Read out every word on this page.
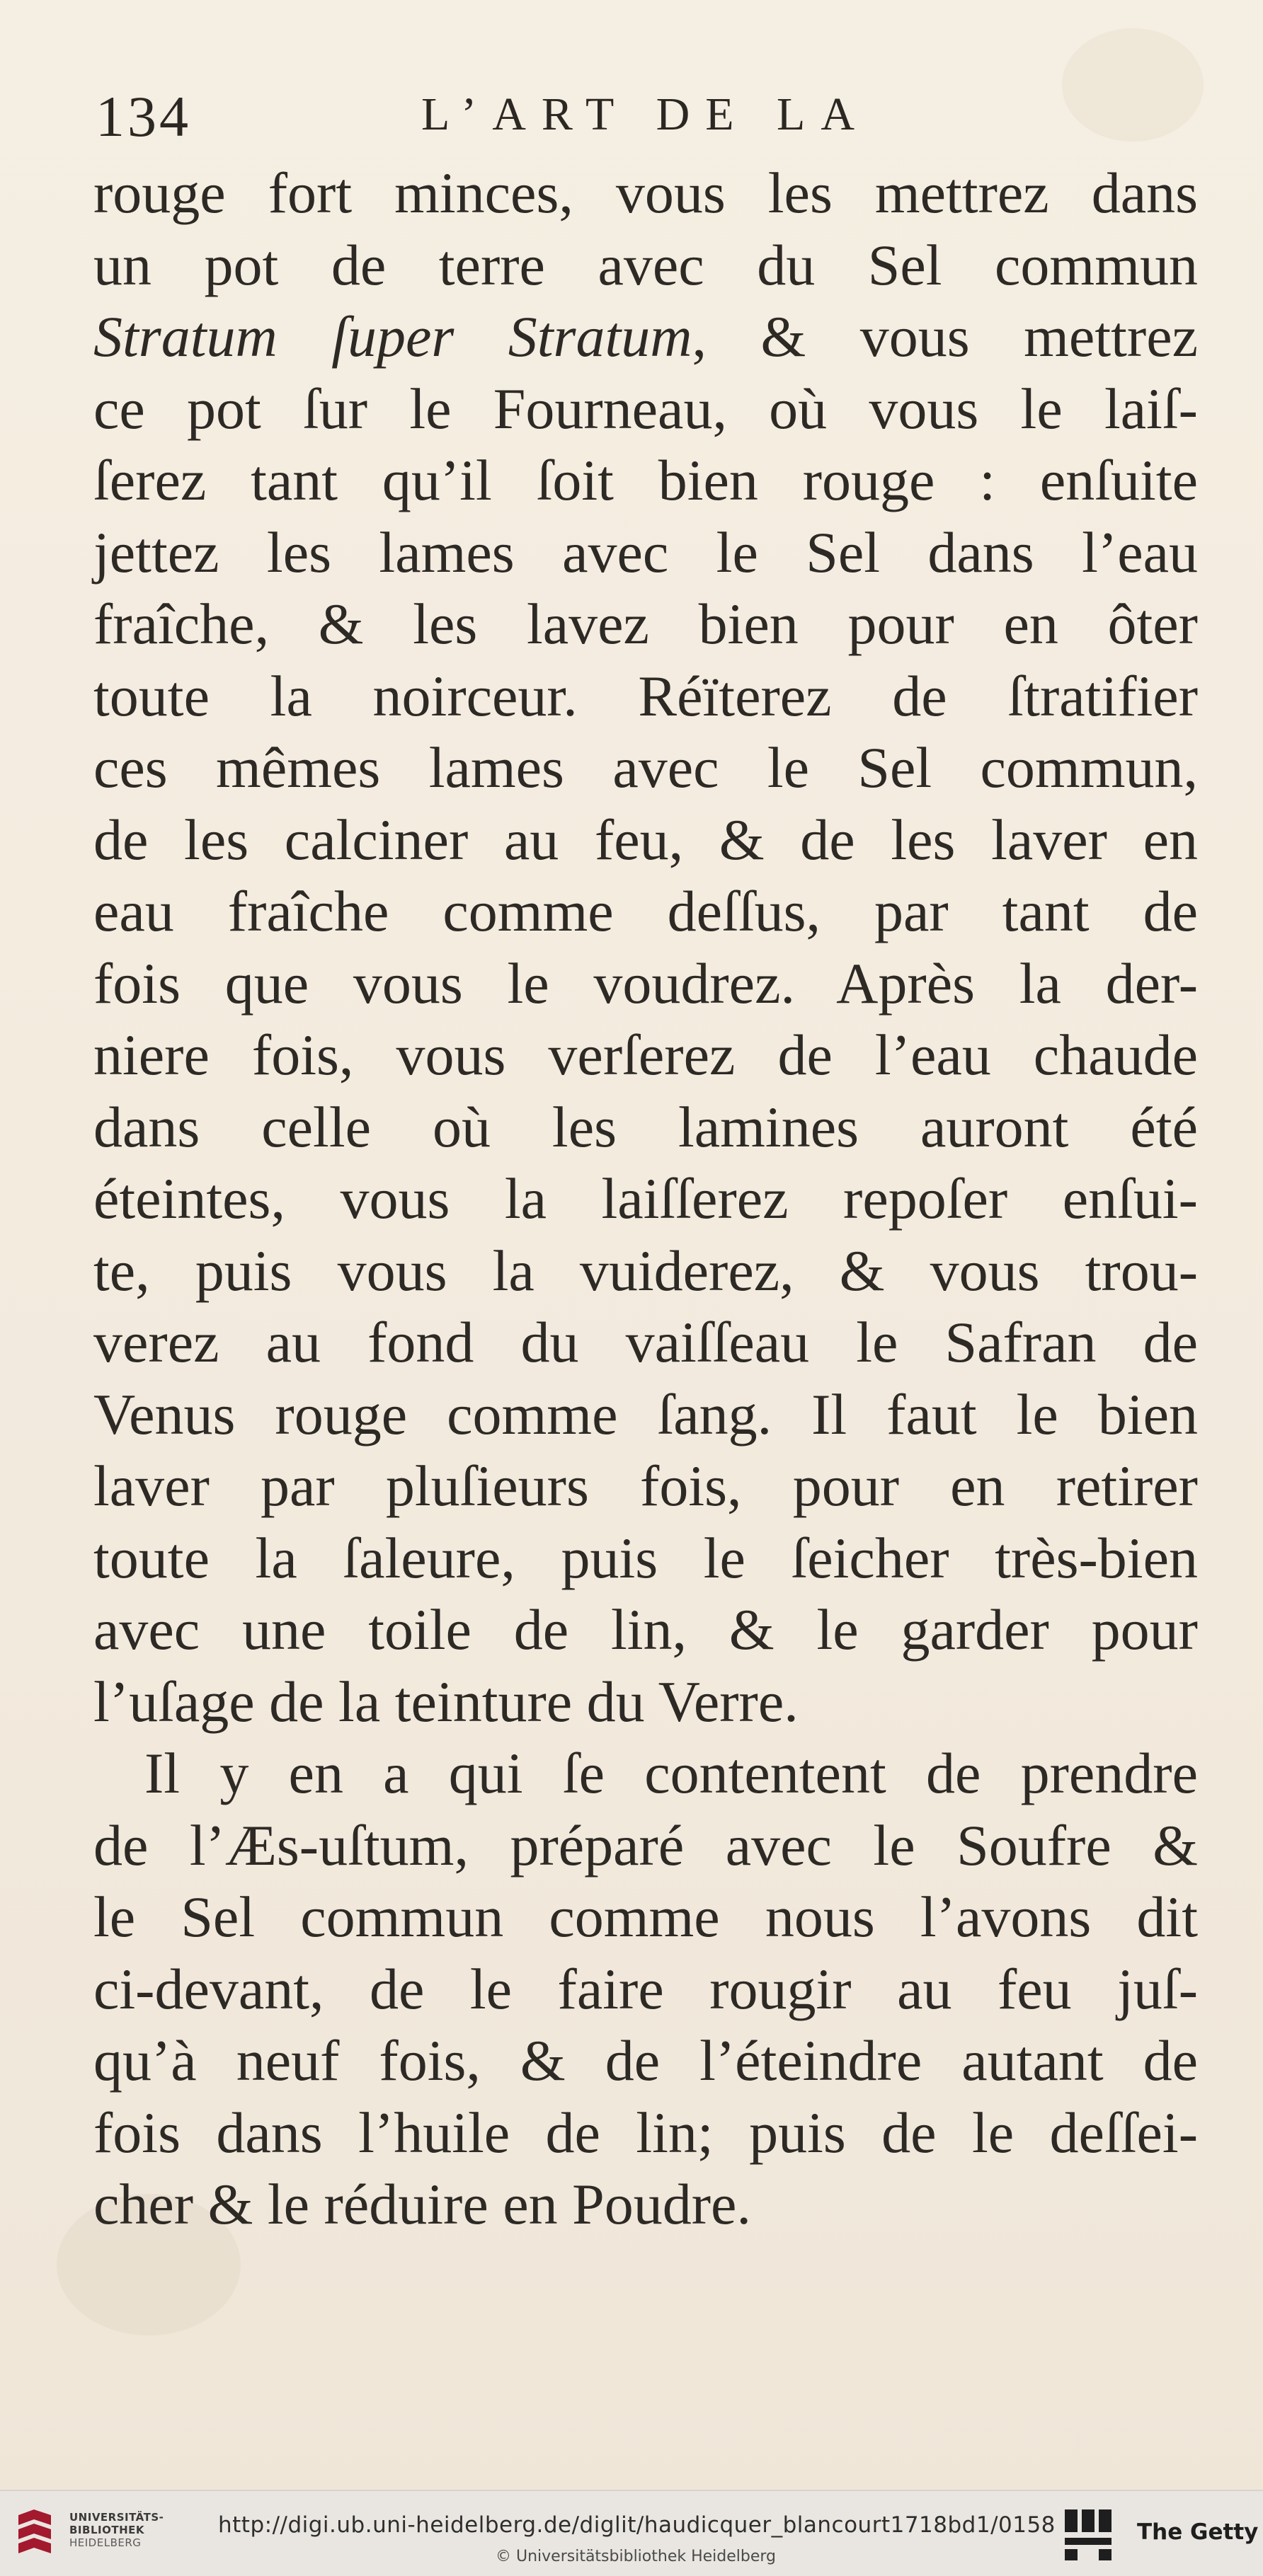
134	L’ART DE LA
rouge fort minces, vous les mettrez dans
un pot de terre avec du Sel commun
Stratum ſuper Stratum, & vous mettrez
ce pot ſur le Fourneau, où vous le laiſ-
ſerez tant qu’il ſoit bien rouge : enſuite
jettez les lames avec le Sel dans l’eau
fraîche, & les lavez bien pour en ôter
toute la noirceur. Réïterez de ſtratifier
ces mêmes lames avec le Sel commun,
de les calciner au feu, & de les laver en
eau fraîche comme deſſus, par tant de
fois que vous le voudrez. Après la der-
niere fois, vous verſerez de l’eau chaude
dans celle où les lamines auront été
éteintes, vous la laiſſerez repoſer enſui-
te, puis vous la vuiderez, & vous trou-
verez au fond du vaiſſeau le Safran de
Venus rouge comme ſang. Il faut le bien
laver par pluſieurs fois, pour en retirer
toute la ſaleure, puis le ſeicher très-bien
avec une toile de lin, & le garder pour
l’uſage de la teinture du Verre.
Il y en a qui ſe contentent de prendre
de l’Æs-uſtum, préparé avec le Soufre &
le Sel commun comme nous l’avons dit
ci-devant, de le faire rougir au feu juſ-
qu’à neuf fois, & de l’éteindre autant de
fois dans l’huile de lin; puis de le deſſei-
cher & le réduire en Poudre.
UNIVERSITÄTS-
BIBLIOTHEK
HEIDELBERG
http://digi.ub.uni-heidelberg.de/diglit/haudicquer_blancourt1718bd1/0158
© Universitätsbibliothek Heidelberg
The Getty
